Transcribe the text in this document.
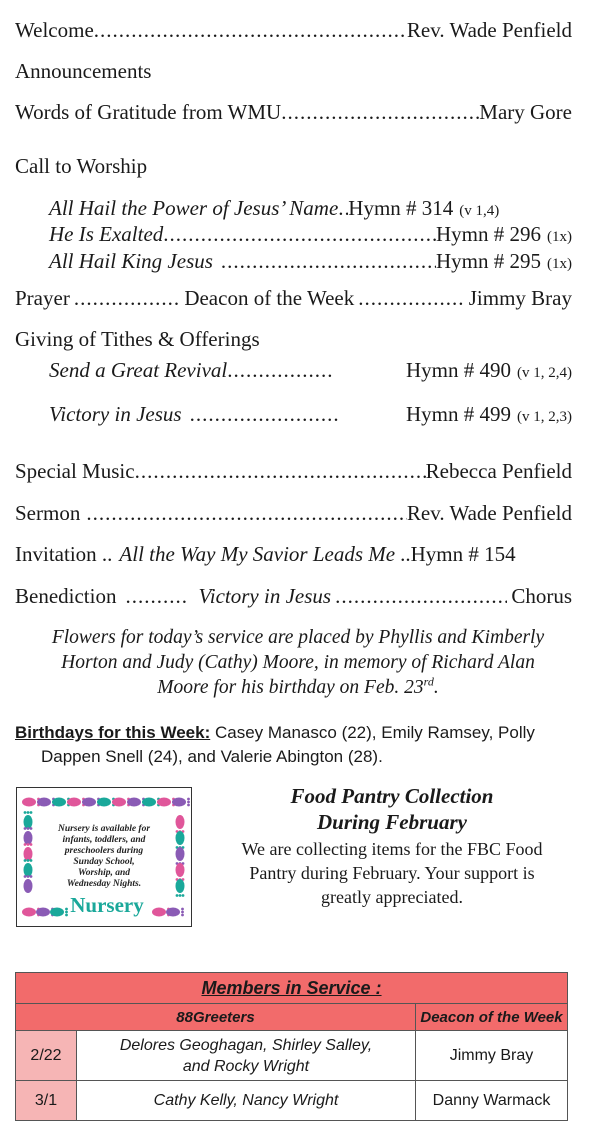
Welcome .....	Rev. Wade Penfield
Announcements
Words of Gratitude from WMU .....	Mary Gore
Call to Worship
All Hail the Power of Jesus’ Name ..... Hymn # 314 (v 1,4)
He Is Exalted .....	Hymn # 296 (1x)
All Hail King Jesus .....	Hymn # 295 (1x)
Prayer .....	Deacon of the Week .....	Jimmy Bray
Giving of Tithes & Offerings
Send a Great Revival .....	Hymn # 490 (v 1, 2,4)
Victory in Jesus .....	Hymn # 499 (v 1, 2,3)
Special Music .....	Rebecca Penfield
Sermon .....	Rev. Wade Penfield
Invitation .. All the Way My Savior Leads Me .. Hymn # 154
Benediction .....	Victory in Jesus .....	Chorus
Flowers for today’s service are placed by Phyllis and Kimberly
Horton and Judy (Cathy) Moore, in memory of Richard Alan
Moore for his birthday on Feb. 23rd.
Birthdays for this Week: Casey Manasco (22), Emily Ramsey, Polly
Dappen Snell (24), and Valerie Abington (28).
Nursery is available for
infants, toddlers, and
preschoolers during
Sunday School,
Worship, and
Wednesday Nights.
Nursery
Food Pantry Collection
During February
We are collecting items for the FBC Food
Pantry during February. Your support is
greatly appreciated.
Members in Service :		
88Greeters		Deacon of the Week
2/22	Delores Geoghagan, Shirley Salley,
and Rocky Wright	Jimmy Bray
3/1	Cathy Kelly, Nancy Wright	Danny Warmack
